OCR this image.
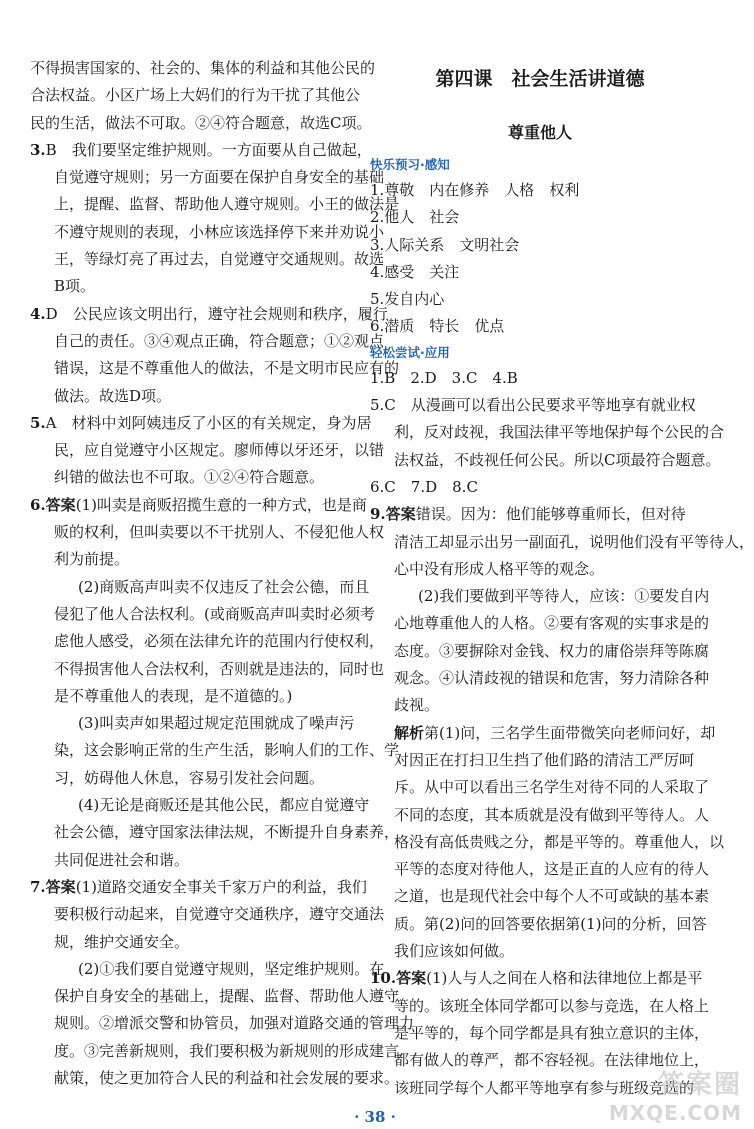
不得损害国家的、社会的、集体的利益和其他公民的
合法权益。小区广场上大妈们的行为干扰了其他公
民的生活，做法不可取。②④符合题意，故选C项。
3.B　我们要坚定维护规则。一方面要从自己做起，
自觉遵守规则；另一方面要在保护自身安全的基础
上，提醒、监督、帮助他人遵守规则。小王的做法是
不遵守规则的表现，小林应该选择停下来并劝说小
王，等绿灯亮了再过去，自觉遵守交通规则。故选
B项。
4.D　公民应该文明出行，遵守社会规则和秩序，履行
自己的责任。③④观点正确，符合题意；①②观点
错误，这是不尊重他人的做法，不是文明市民应有的
做法。故选D项。
5.A　材料中刘阿姨违反了小区的有关规定，身为居
民，应自觉遵守小区规定。廖师傅以牙还牙，以错
纠错的做法也不可取。①②④符合题意。
6.答案(1)叫卖是商贩招揽生意的一种方式，也是商
贩的权利，但叫卖要以不干扰别人、不侵犯他人权
利为前提。
(2)商贩高声叫卖不仅违反了社会公德，而且
侵犯了他人合法权利。(或商贩高声叫卖时必须考
虑他人感受，必须在法律允许的范围内行使权利，
不得损害他人合法权利，否则就是违法的，同时也
是不尊重他人的表现，是不道德的。)
(3)叫卖声如果超过规定范围就成了噪声污
染，这会影响正常的生产生活，影响人们的工作、学
习，妨碍他人休息，容易引发社会问题。
(4)无论是商贩还是其他公民，都应自觉遵守
社会公德，遵守国家法律法规，不断提升自身素养，
共同促进社会和谐。
7.答案(1)道路交通安全事关千家万户的利益，我们
要积极行动起来，自觉遵守交通秩序，遵守交通法
规，维护交通安全。
(2)①我们要自觉遵守规则，坚定维护规则。在
保护自身安全的基础上，提醒、监督、帮助他人遵守
规则。②增派交警和协管员，加强对道路交通的管理力
度。③完善新规则，我们要积极为新规则的形成建言
献策，使之更加符合人民的利益和社会发展的要求。
第四课　社会生活讲道德
尊重他人
快乐预习·感知
1.尊敬　内在修养　人格　权利
2.他人　社会
3.人际关系　文明社会
4.感受　关注
5.发自内心
6.潜质　特长　优点
轻松尝试·应用
1.B　2.D　3.C　4.B
5.C　从漫画可以看出公民要求平等地享有就业权
利，反对歧视，我国法律平等地保护每个公民的合
法权益，不歧视任何公民。所以C项最符合题意。
6.C　7.D　8.C
9.答案错误。因为：他们能够尊重师长，但对待
清洁工却显示出另一副面孔，说明他们没有平等待人，
心中没有形成人格平等的观念。
(2)我们要做到平等待人，应该：①要发自内
心地尊重他人的人格。②要有客观的实事求是的
态度。③要摒除对金钱、权力的庸俗崇拜等陈腐
观念。④认清歧视的错误和危害，努力清除各种
歧视。
解析第(1)问，三名学生面带微笑向老师问好，却
对因正在打扫卫生挡了他们路的清洁工严厉呵
斥。从中可以看出三名学生对待不同的人采取了
不同的态度，其本质就是没有做到平等待人。人
格没有高低贵贱之分，都是平等的。尊重他人，以
平等的态度对待他人，这是正直的人应有的待人
之道，也是现代社会中每个人不可或缺的基本素
质。第(2)问的回答要依据第(1)问的分析，回答
我们应该如何做。
10.答案(1)人与人之间在人格和法律地位上都是平
等的。该班全体同学都可以参与竞选，在人格上
是平等的，每个同学都是具有独立意识的主体，
都有做人的尊严，都不容轻视。在法律地位上，
该班同学每个人都平等地享有参与班级竞选的
· 38 ·
答案圈
MXQE.COM
